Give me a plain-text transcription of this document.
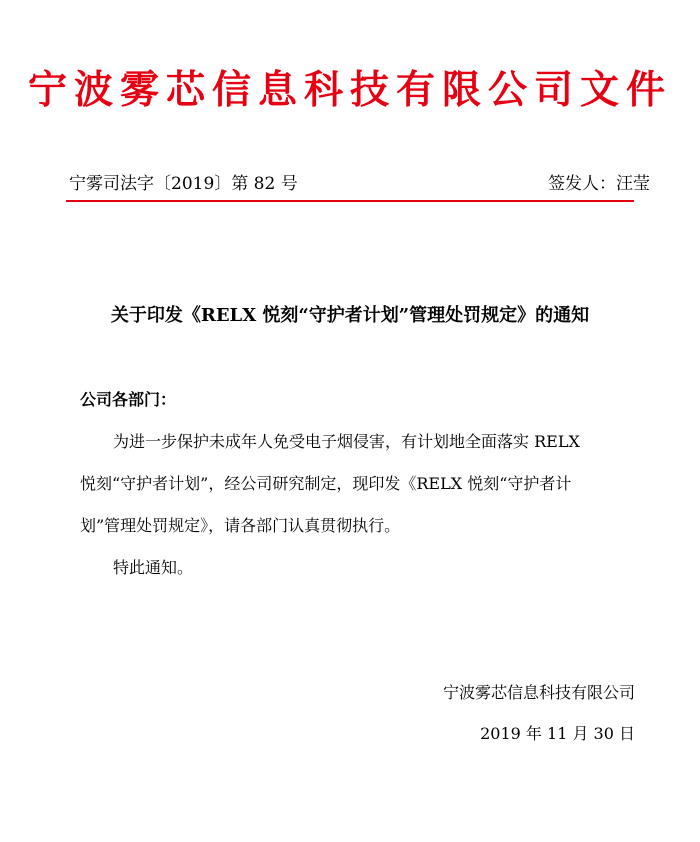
宁波雾芯信息科技有限公司文件
宁雾司法字〔2019〕第 82 号	签发人：汪莹
关于印发《RELX 悦刻“守护者计划”管理处罚规定》的通知
公司各部门：
为进一步保护未成年人免受电子烟侵害，有计划地全面落实 RELX
悦刻“守护者计划”，经公司研究制定，现印发《RELX 悦刻“守护者计
划”管理处罚规定》，请各部门认真贯彻执行。
特此通知。
宁波雾芯信息科技有限公司
2019 年 11 月 30 日
